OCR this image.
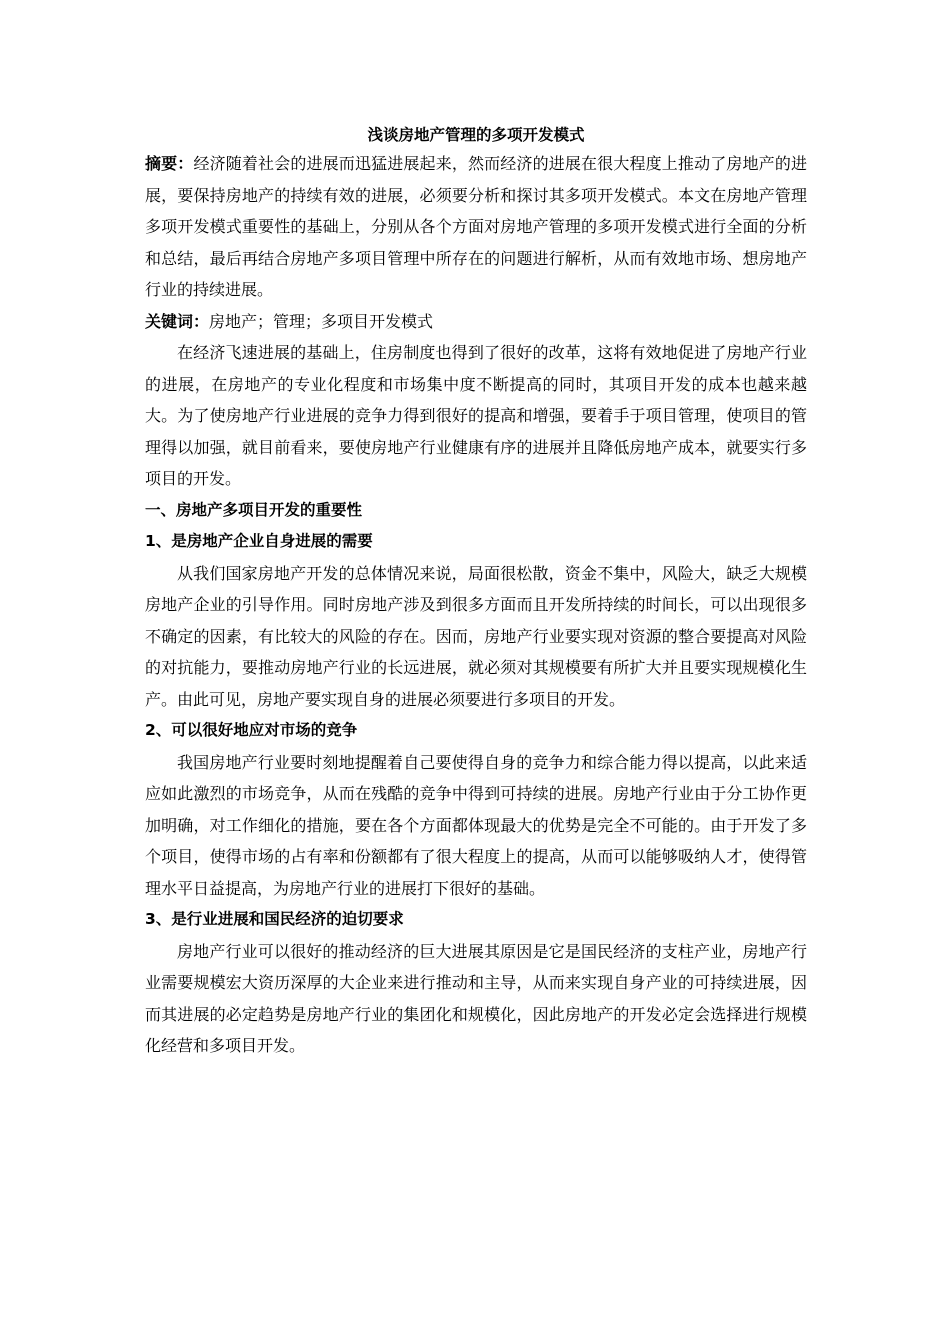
浅谈房地产管理的多项开发模式

摘要：经济随着社会的进展而迅猛进展起来，然而经济的进展在很大程度上推动了房地产的进展，要保持房地产的持续有效的进展，必须要分析和探讨其多项开发模式。本文在房地产管理多项开发模式重要性的基础上，分别从各个方面对房地产管理的多项开发模式进行全面的分析和总结，最后再结合房地产多项目管理中所存在的问题进行解析，从而有效地市场、想房地产行业的持续进展。

关键词：房地产；管理；多项目开发模式

在经济飞速进展的基础上，住房制度也得到了很好的改革，这将有效地促进了房地产行业的进展，在房地产的专业化程度和市场集中度不断提高的同时，其项目开发的成本也越来越大。为了使房地产行业进展的竞争力得到很好的提高和增强，要着手于项目管理，使项目的管理得以加强，就目前看来，要使房地产行业健康有序的进展并且降低房地产成本，就要实行多项目的开发。

一、房地产多项目开发的重要性
1、是房地产企业自身进展的需要

从我们国家房地产开发的总体情况来说，局面很松散，资金不集中，风险大，缺乏大规模房地产企业的引导作用。同时房地产涉及到很多方面而且开发所持续的时间长，可以出现很多不确定的因素，有比较大的风险的存在。因而，房地产行业要实现对资源的整合要提高对风险的对抗能力，要推动房地产行业的长远进展，就必须对其规模要有所扩大并且要实现规模化生产。由此可见，房地产要实现自身的进展必须要进行多项目的开发。

2、可以很好地应对市场的竞争

我国房地产行业要时刻地提醒着自己要使得自身的竞争力和综合能力得以提高，以此来适应如此激烈的市场竞争，从而在残酷的竞争中得到可持续的进展。房地产行业由于分工协作更加明确，对工作细化的措施，要在各个方面都体现最大的优势是完全不可能的。由于开发了多个项目，使得市场的占有率和份额都有了很大程度上的提高，从而可以能够吸纳人才，使得管理水平日益提高，为房地产行业的进展打下很好的基础。

3、是行业进展和国民经济的迫切要求

房地产行业可以很好的推动经济的巨大进展其原因是它是国民经济的支柱产业，房地产行业需要规模宏大资历深厚的大企业来进行推动和主导，从而来实现自身产业的可持续进展，因而其进展的必定趋势是房地产行业的集团化和规模化，因此房地产的开发必定会选择进行规模化经营和多项目开发。
